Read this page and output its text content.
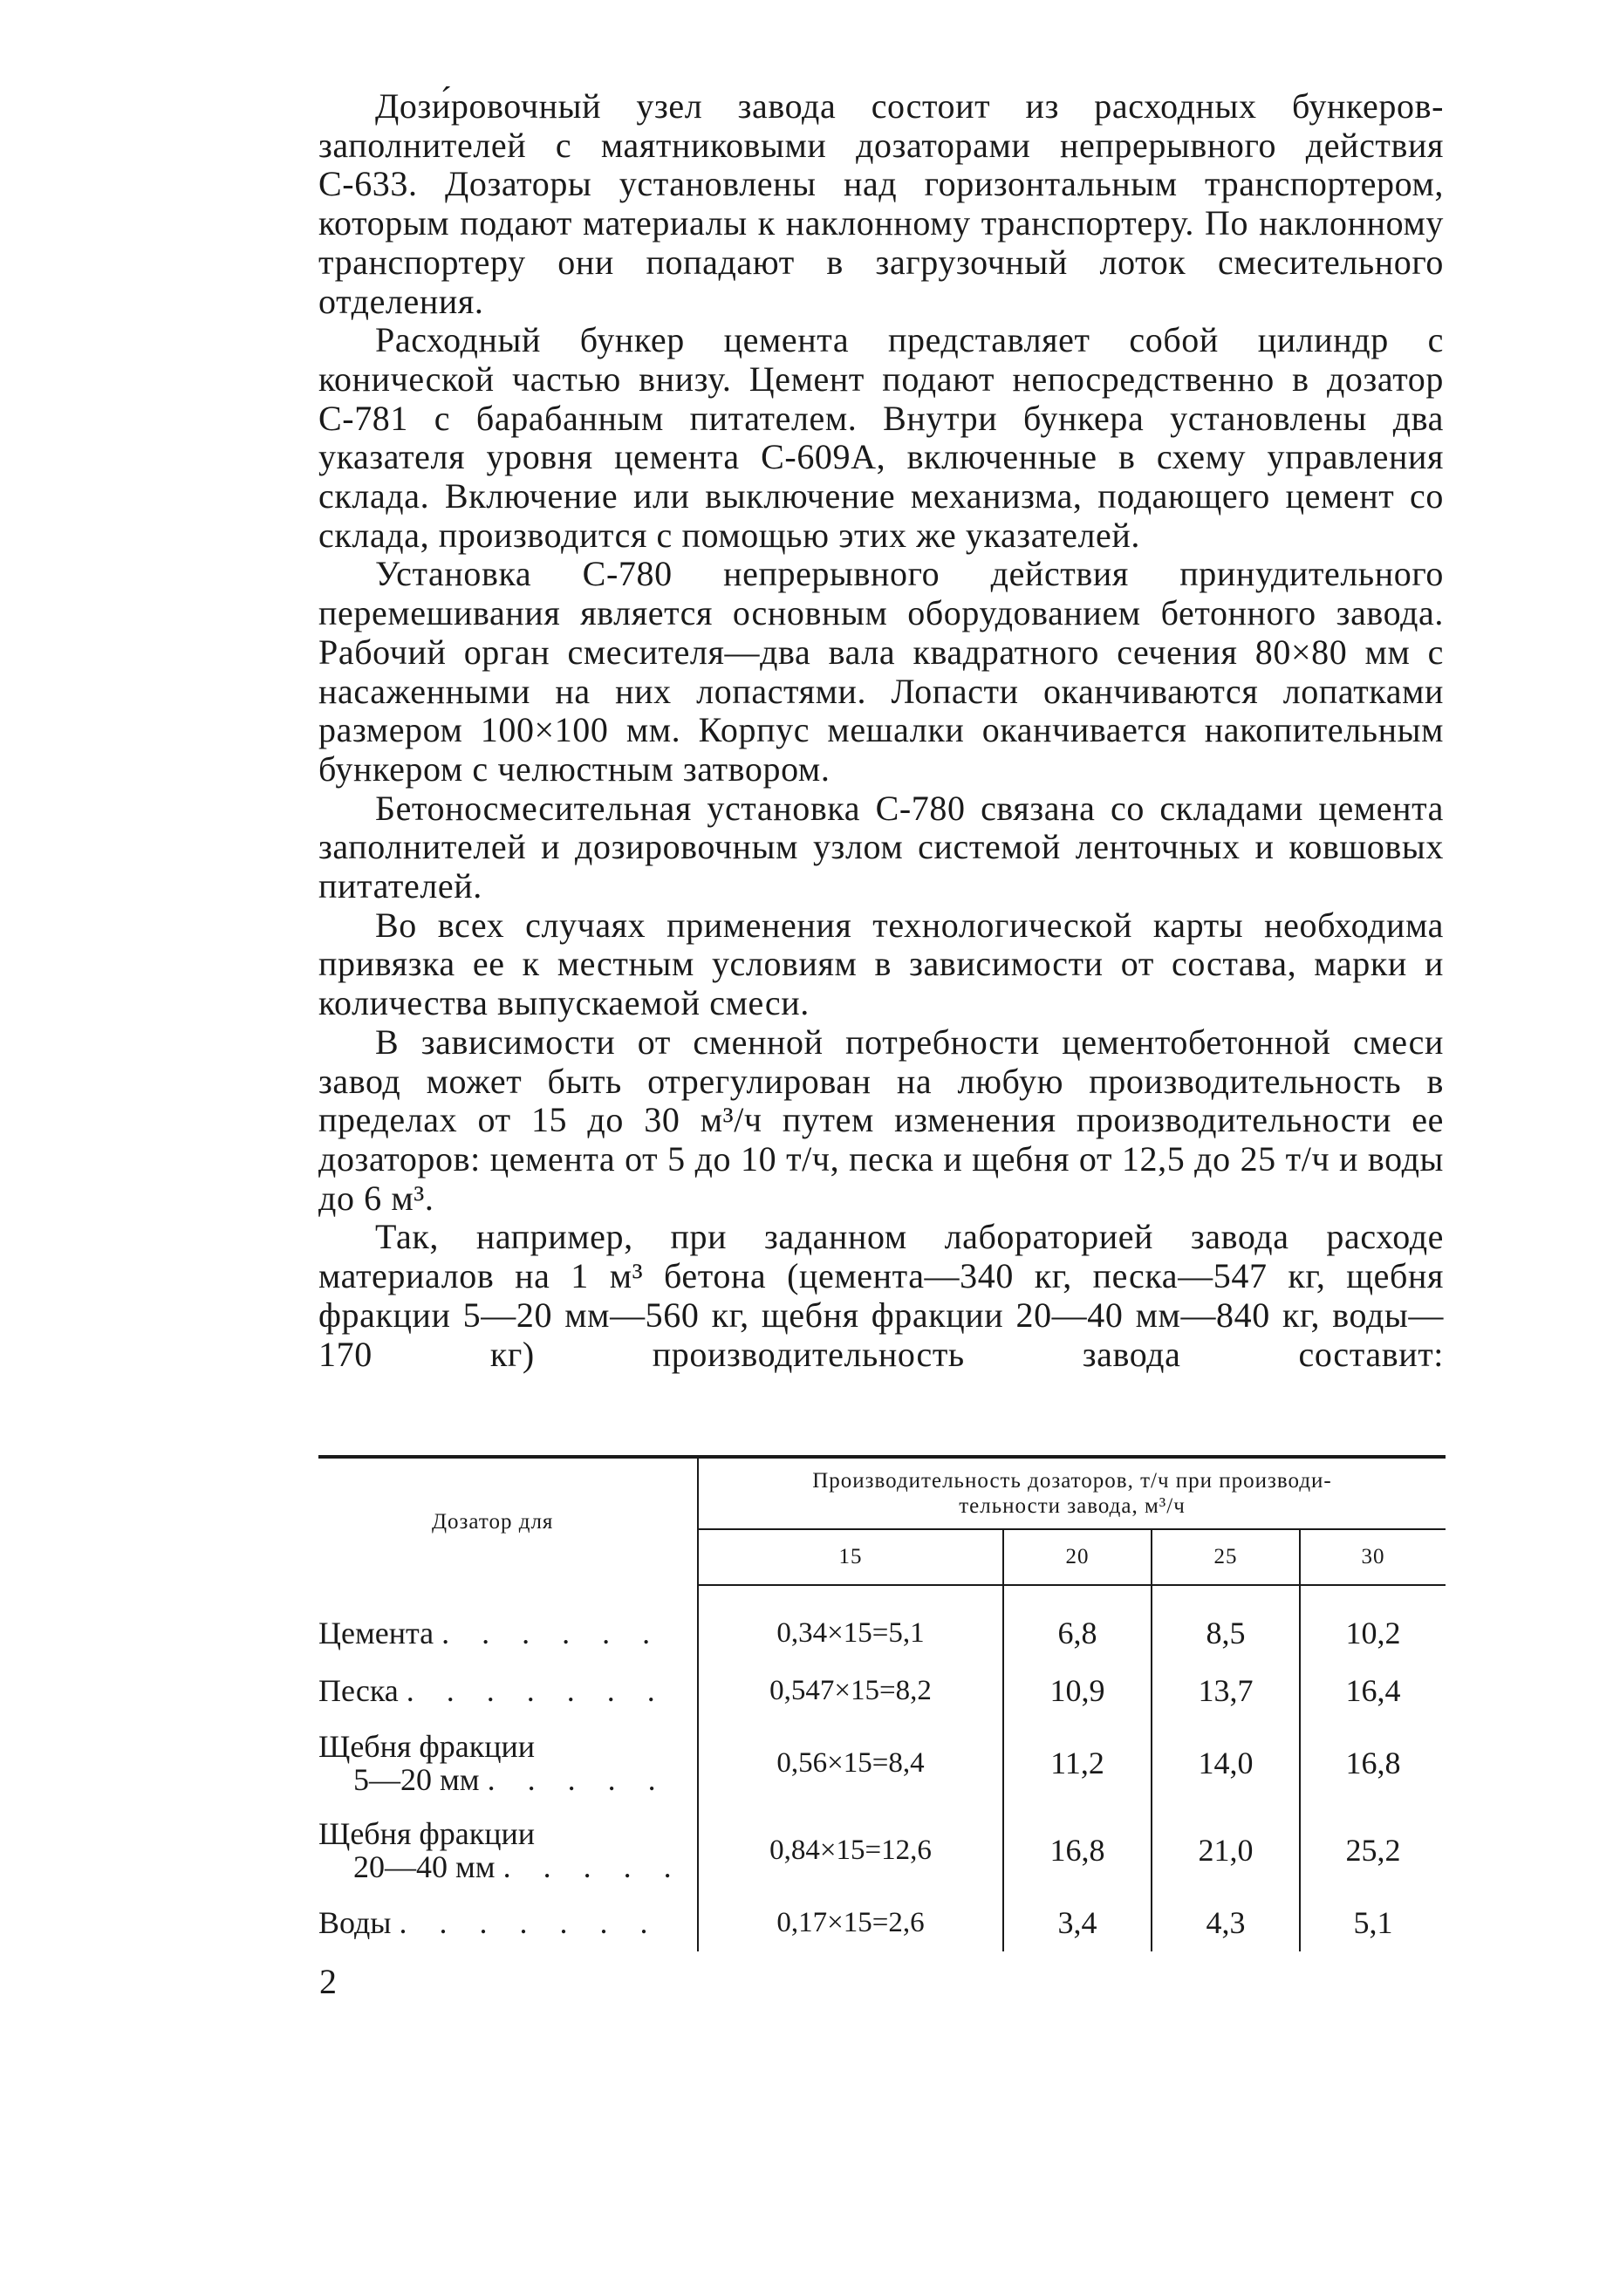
Дози́ровочный узел завода состоит из расходных бункеров-заполнителей с маятниковыми дозаторами непрерывного действия С-633. Дозаторы установлены над горизонтальным транспортером, которым подают материалы к наклонному транспортеру. По наклонному транспортеру они попадают в загрузочный лоток смесительного отделения.

Расходный бункер цемента представляет собой цилиндр с конической частью внизу. Цемент подают непосредственно в дозатор С-781 с барабанным питателем. Внутри бункера установлены два указателя уровня цемента С-609А, включенные в схему управления склада. Включение или выключение механизма, подающего цемент со склада, производится с помощью этих же указателей.

Установка С-780 непрерывного действия принудительного перемешивания является основным оборудованием бетонного завода. Рабочий орган смесителя—два вала квадратного сечения 80×80 мм с насаженными на них лопастями. Лопасти оканчиваются лопатками размером 100×100 мм. Корпус мешалки оканчивается накопительным бункером с челюстным затвором.

Бетоносмесительная установка С-780 связана со складами цемента заполнителей и дозировочным узлом системой ленточных и ковшовых питателей.

Во всех случаях применения технологической карты необходима привязка ее к местным условиям в зависимости от состава, марки и количества выпускаемой смеси.

В зависимости от сменной потребности цементобетонной смеси завод может быть отрегулирован на любую производительность в пределах от 15 до 30 м³/ч путем изменения производительности ее дозаторов: цемента от 5 до 10 т/ч, песка и щебня от 12,5 до 25 т/ч и воды до 6 м³.

Так, например, при заданном лабораторией завода расходе материалов на 1 м³ бетона (цемента—340 кг, песка—547 кг, щебня фракции 5—20 мм—560 кг, щебня фракции 20—40 мм—840 кг, воды—170 кг) производительность завода составит:

Дозатор для	Производительность дозаторов, т/ч при производи-
тельности завода, м³/ч			
	15	20	25	30
Цемента . . . . . .	0,34×15=5,1	6,8	8,5	10,2
Песка . . . . . . .	0,547×15=8,2	10,9	13,7	16,4
Щебня фракции
5—20 мм . . . . .	0,56×15=8,4	11,2	14,0	16,8
Щебня фракции
20—40 мм . . . . .	0,84×15=12,6	16,8	21,0	25,2
Воды . . . . . . .	0,17×15=2,6	3,4	4,3	5,1
2
